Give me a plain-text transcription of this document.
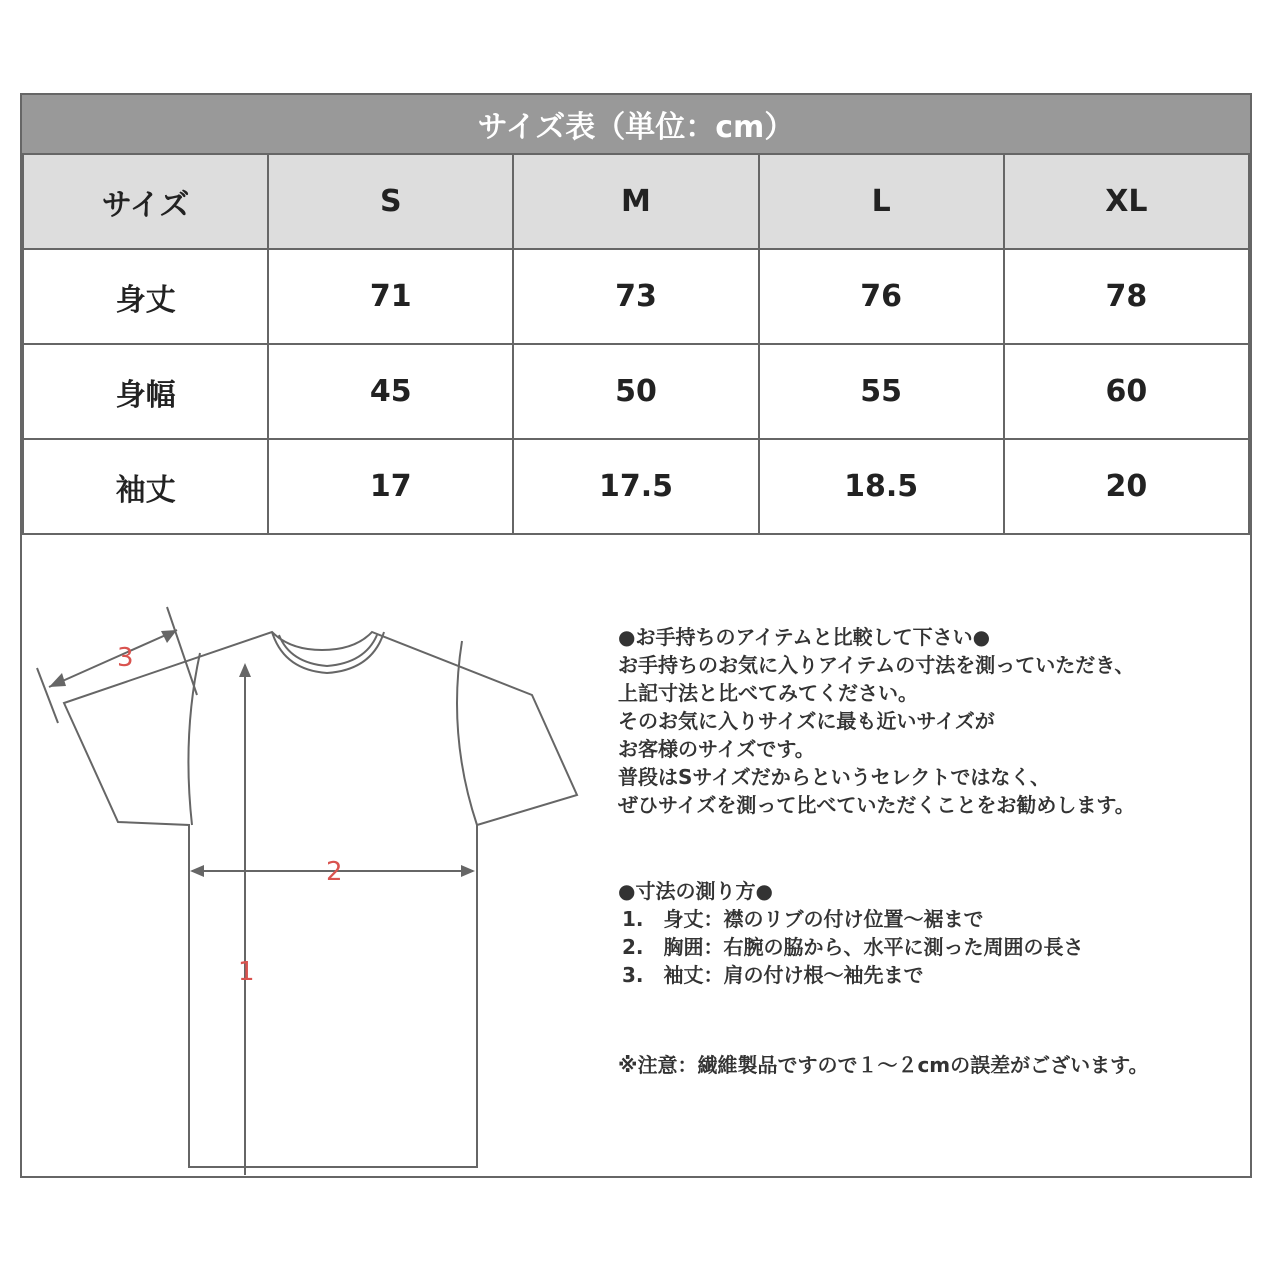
サイズ表（単位：cm）
サイズ	S	M	L	XL
身丈	71	73	76	78
身幅	45	50	55	60
袖丈	17	17.5	18.5	20
3
2
1

●お手持ちのアイテムと比較して下さい●

お手持ちのお気に入りアイテムの寸法を測っていただき、

上記寸法と比べてみてください。

そのお気に入りサイズに最も近いサイズが

お客様のサイズです。

普段はSサイズだからというセレクトではなく、

ぜひサイズを測って比べていただくことをお勧めします。

●寸法の測り方●

1.　身丈：襟のリブの付け位置～裾まで

2.　胸囲：右腕の脇から、水平に測った周囲の長さ

3.　袖丈：肩の付け根～袖先まで

※注意：繊維製品ですので１～２cmの誤差がございます。
